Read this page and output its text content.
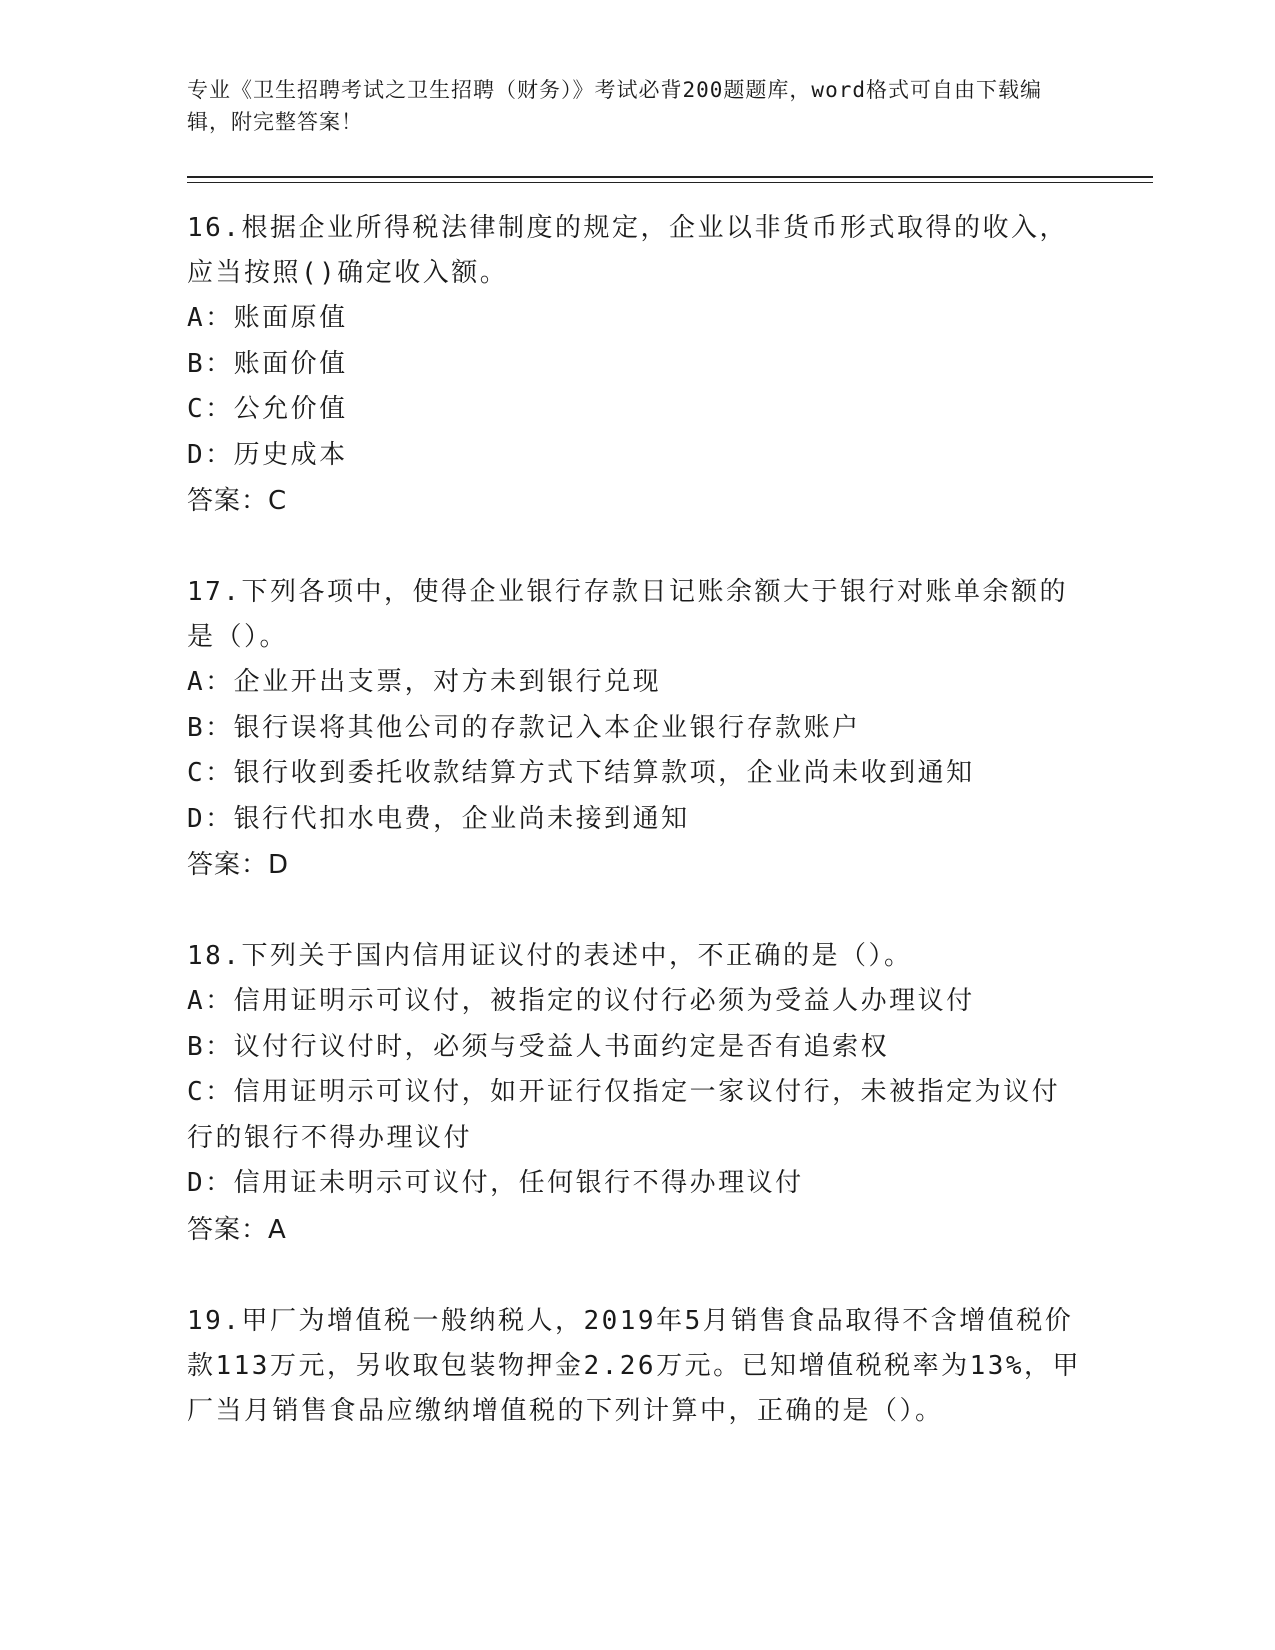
专业《卫生招聘考试之卫生招聘（财务）》考试必背200题题库，word格式可自由下载编辑，附完整答案！

16.根据企业所得税法律制度的规定，企业以非货币形式取得的收入，应当按照()确定收入额。

A：账面原值

B：账面价值

C：公允价值

D：历史成本

答案：C

17.下列各项中，使得企业银行存款日记账余额大于银行对账单余额的是（）。

A：企业开出支票，对方未到银行兑现

B：银行误将其他公司的存款记入本企业银行存款账户

C：银行收到委托收款结算方式下结算款项，企业尚未收到通知

D：银行代扣水电费，企业尚未接到通知

答案：D

18.下列关于国内信用证议付的表述中，不正确的是（）。

A：信用证明示可议付，被指定的议付行必须为受益人办理议付

B：议付行议付时，必须与受益人书面约定是否有追索权

C：信用证明示可议付，如开证行仅指定一家议付行，未被指定为议付行的银行不得办理议付

D：信用证未明示可议付，任何银行不得办理议付

答案：A

19.甲厂为增值税一般纳税人，2019年5月销售食品取得不含增值税价款113万元，另收取包装物押金2.26万元。已知增值税税率为13%，甲厂当月销售食品应缴纳增值税的下列计算中，正确的是（）。
